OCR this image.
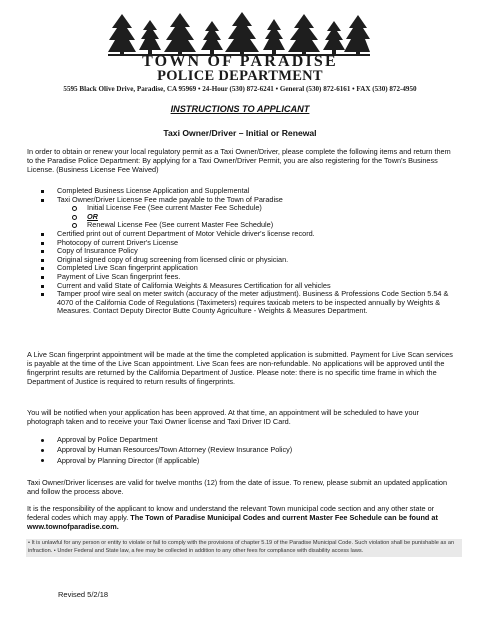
TOWN OF PARADISE
POLICE DEPARTMENT
5595 Black Olive Drive, Paradise, CA 95969 • 24-Hour (530) 872-6241 • General (530) 872-6161 • FAX (530) 872-4950
INSTRUCTIONS TO APPLICANT
Taxi Owner/Driver – Initial or Renewal

In order to obtain or renew your local regulatory permit as a Taxi Owner/Driver, please complete the following items and return them to the Paradise Police Department: By applying for a Taxi Owner/Driver Permit, you are also registering for the Town's Business License. (Business License Fee Waived)

Completed Business License Application and Supplemental
Taxi Owner/Driver License Fee made payable to the Town of Paradise
Initial License Fee (See current Master Fee Schedule)
OR
Renewal License Fee (See current Master Fee Schedule)
Certified print out of current Department of Motor Vehicle driver's license record.
Photocopy of current Driver's License
Copy of Insurance Policy
Original signed copy of drug screening from licensed clinic or physician.
Completed Live Scan fingerprint application
Payment of Live Scan fingerprint fees.
Current and valid State of California Weights & Measures Certification for all vehicles
Tamper proof wire seal on meter switch (accuracy of the meter adjustment). Business & Professions Code Section 5.54 & 4070 of the California Code of Regulations (Taximeters) requires taxicab meters to be inspected annually by Weights & Measures. Contact Deputy Director Butte County Agriculture - Weights & Measures Department.

A Live Scan fingerprint appointment will be made at the time the completed application is submitted. Payment for Live Scan services is payable at the time of the Live Scan appointment. Live Scan fees are non-refundable. No applications will be approved until the fingerprint results are returned by the California Department of Justice. Please note: there is no specific time frame in which the Department of Justice is required to return results of fingerprints.

You will be notified when your application has been approved. At that time, an appointment will be scheduled to have your photograph taken and to receive your Taxi Owner license and Taxi Driver ID Card.

Approval by Police Department
Approval by Human Resources/Town Attorney (Review Insurance Policy)
Approval by Planning Director (If applicable)

Taxi Owner/Driver licenses are valid for twelve months (12) from the date of issue. To renew, please submit an updated application and follow the process above.

It is the responsibility of the applicant to know and understand the relevant Town municipal code section and any other state or federal codes which may apply. The Town of Paradise Municipal Codes and current Master Fee Schedule can be found at www.townofparadise.com.

• It is unlawful for any person or entity to violate or fail to comply with the provisions of chapter 5.19 of the Paradise Municipal Code. Such violation shall be punishable as an infraction. • Under Federal and State law, a fee may be collected in addition to any other fees for compliance with disability access laws.
Revised 5/2/18
